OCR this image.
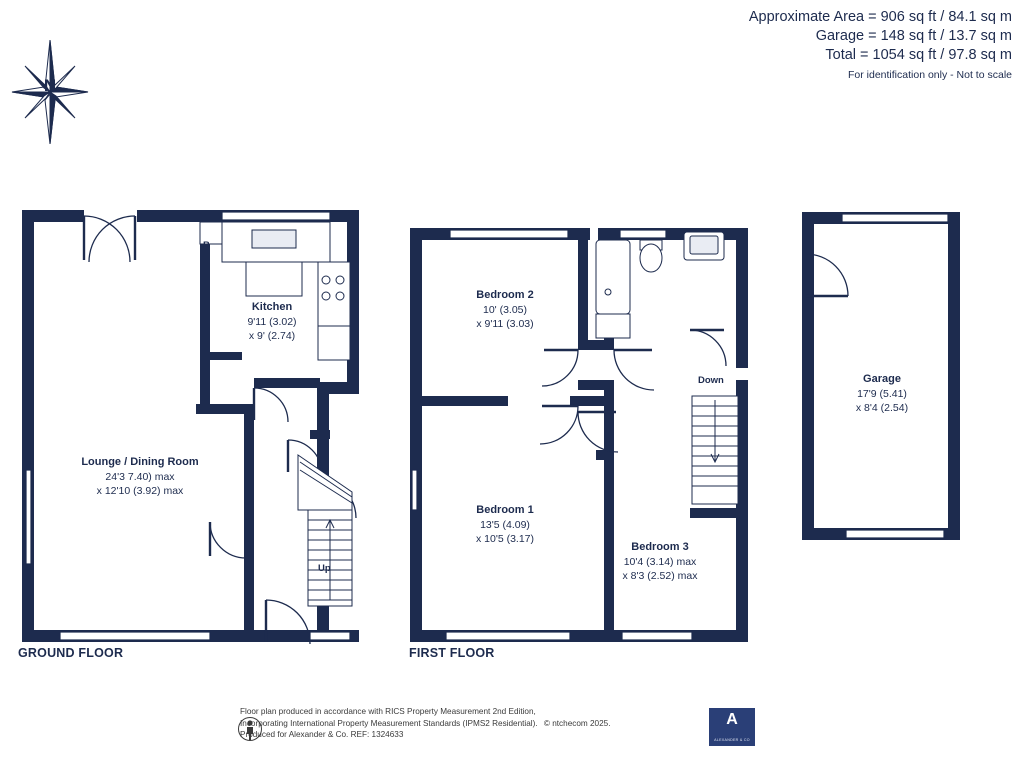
Approximate Area = 906 sq ft / 84.1 sq m
Garage = 148 sq ft / 13.7 sq m
Total = 1054 sq ft / 97.8 sq m
For identification only - Not to scale
N
Lounge / Dining Room
24'3 7.40) max
x 12'10 (3.92) max
Kitchen
9'11 (3.02)
x 9' (2.74)
B
Up
Bedroom 2
10' (3.05)
x 9'11 (3.03)
Bedroom 1
13'5 (4.09)
x 10'5 (3.17)
Bedroom 3
10'4 (3.14) max
x 8'3 (2.52) max
Down	Garage
17'9 (5.41)
x 8'4 (2.54)
GROUND FLOOR	FIRST FLOOR
Floor plan produced in accordance with RICS Property Measurement 2nd Edition,
Incorporating International Property Measurement Standards (IPMS2 Residential). © ntchecom 2025.
Produced for Alexander & Co. REF: 1324633
A
ALEXANDER & CO
